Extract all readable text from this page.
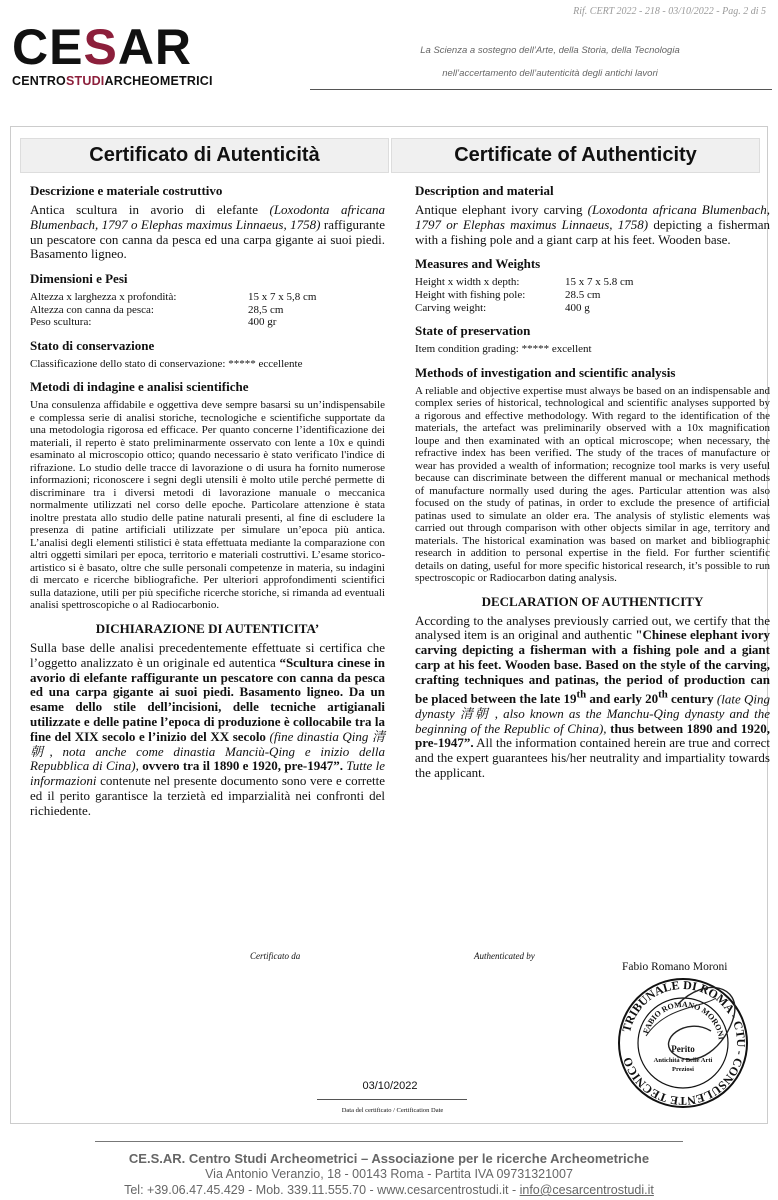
Rif. CERT 2022 - 218 - 03/10/2022 - Pag. 2 di 5
CESAR
CENTROSTUDIARCHEOMETRICI
La Scienza a sostegno dell’Arte, della Storia, della Tecnologia
nell’accertamento dell’autenticità degli antichi lavori
Certificato di Autenticità	Certificate of Authenticity
Descrizione e materiale costruttivo
Antica scultura in avorio di elefante (Loxodonta africana Blumenbach, 1797 o Elephas maximus Linnaeus, 1758) raffigurante un pescatore con canna da pesca ed una carpa gigante ai suoi piedi. Basamento ligneo.
Dimensioni e Pesi
Altezza x larghezza x profondità:	15 x 7 x 5,8 cm
Altezza con canna da pesca:	28,5 cm
Peso scultura:	400 gr
Stato di conservazione
Classificazione dello stato di conservazione: ***** eccellente
Metodi di indagine e analisi scientifiche
Una consulenza affidabile e oggettiva deve sempre basarsi su un’indispensabile e complessa serie di analisi storiche, tecnologiche e scientifiche supportate da una metodologia rigorosa ed efficace. Per quanto concerne l’identificazione dei materiali, il reperto è stato preliminarmente osservato con lente a 10x e quindi esaminato al microscopio ottico; quando necessario è stato verificato l'indice di rifrazione. Lo studio delle tracce di lavorazione o di usura ha fornito numerose informazioni; riconoscere i segni degli utensili è molto utile perché permette di discriminare tra i diversi metodi di lavorazione manuale o meccanica normalmente utilizzati nel corso delle epoche. Particolare attenzione è stata inoltre prestata allo studio delle patine naturali presenti, al fine di escludere la presenza di patine artificiali utilizzate per simulare un’epoca più antica. L’analisi degli elementi stilistici è stata effettuata mediante la comparazione con altri oggetti similari per epoca, territorio e materiali costruttivi. L’esame storico-artistico si è basato, oltre che sulle personali competenze in materia, su indagini di mercato e ricerche bibliografiche. Per ulteriori approfondimenti scientifici sulla datazione, utili per più specifiche ricerche storiche, si rimanda ad eventuali analisi spettroscopiche o al Radiocarbonio.
DICHIARAZIONE DI AUTENTICITA’
Sulla base delle analisi precedentemente effettuate si certifica che l’oggetto analizzato è un originale ed autentica “Scultura cinese in avorio di elefante raffigurante un pescatore con canna da pesca ed una carpa gigante ai suoi piedi. Basamento ligneo. Da un esame dello stile dell’incisioni, delle tecniche artigianali utilizzate e delle patine l’epoca di produzione è collocabile tra la fine del XIX secolo e l’inizio del XX secolo (fine dinastia Qing 清朝, nota anche come dinastia Manciù-Qing e inizio della Repubblica di Cina), ovvero tra il 1890 e 1920, pre-1947”. Tutte le informazioni contenute nel presente documento sono vere e corrette ed il perito garantisce la terzietà ed imparzialità nei confronti del richiedente.
Description and material
Antique elephant ivory carving (Loxodonta africana Blumenbach, 1797 or Elephas maximus Linnaeus, 1758) depicting a fisherman with a fishing pole and a giant carp at his feet. Wooden base.
Measures and Weights
Height x width x depth:	15 x 7 x 5.8 cm
Height with fishing pole:	28.5 cm
Carving weight:	400 g
State of preservation
Item condition grading: ***** excellent
Methods of investigation and scientific analysis
A reliable and objective expertise must always be based on an indispensable and complex series of historical, technological and scientific analyses supported by a rigorous and effective methodology. With regard to the identification of the materials, the artefact was preliminarily observed with a 10x magnification loupe and then examinated with an optical microscope; when necessary, the refractive index has been verified. The study of the traces of manufacture or wear has provided a wealth of information; recognize tool marks is very useful because can discriminate between the different manual or mechanical methods of manufacture normally used during the ages. Particular attention was also focused on the study of patinas, in order to exclude the presence of artificial patinas used to simulate an older era. The analysis of stylistic elements was carried out through comparison with other objects similar in age, territory and materials. The historical examination was based on market and bibliographic research in addition to personal expertise in the field. For further scientific details on dating, useful for more specific historical research, it’s possible to run spectroscopic or Radiocarbon dating analysis.
DECLARATION OF AUTHENTICITY
According to the analyses previously carried out, we certify that the analysed item is an original and authentic "Chinese elephant ivory carving depicting a fisherman with a fishing pole and a giant carp at his feet. Wooden base. Based on the style of the carving, crafting techniques and patinas, the period of production can be placed between the late 19th and early 20th century (late Qing dynasty 清朝 , also known as the Manchu-Qing dynasty and the beginning of the Republic of China), thus between 1890 and 1920, pre-1947”. All the information contained herein are true and correct and the expert guarantees his/her neutrality and impartiality towards the applicant.
Certificato da	Authenticated by
Fabio Romano Moroni
TRIBUNALE DI ROMA - CTU - CONSULENTE TECNICO
FABIO ROMANO MORONI
Perito
Antichità e Belle Arti
Preziosi
03/10/2022
Data del certificato / Certification Date
CE.S.AR. Centro Studi Archeometrici – Associazione per le ricerche Archeometriche
Via Antonio Veranzio, 18 - 00143 Roma - Partita IVA 09731321007
Tel: +39.06.47.45.429 - Mob. 339.11.555.70 - www.cesarcentrostudi.it - info@cesarcentrostudi.it
